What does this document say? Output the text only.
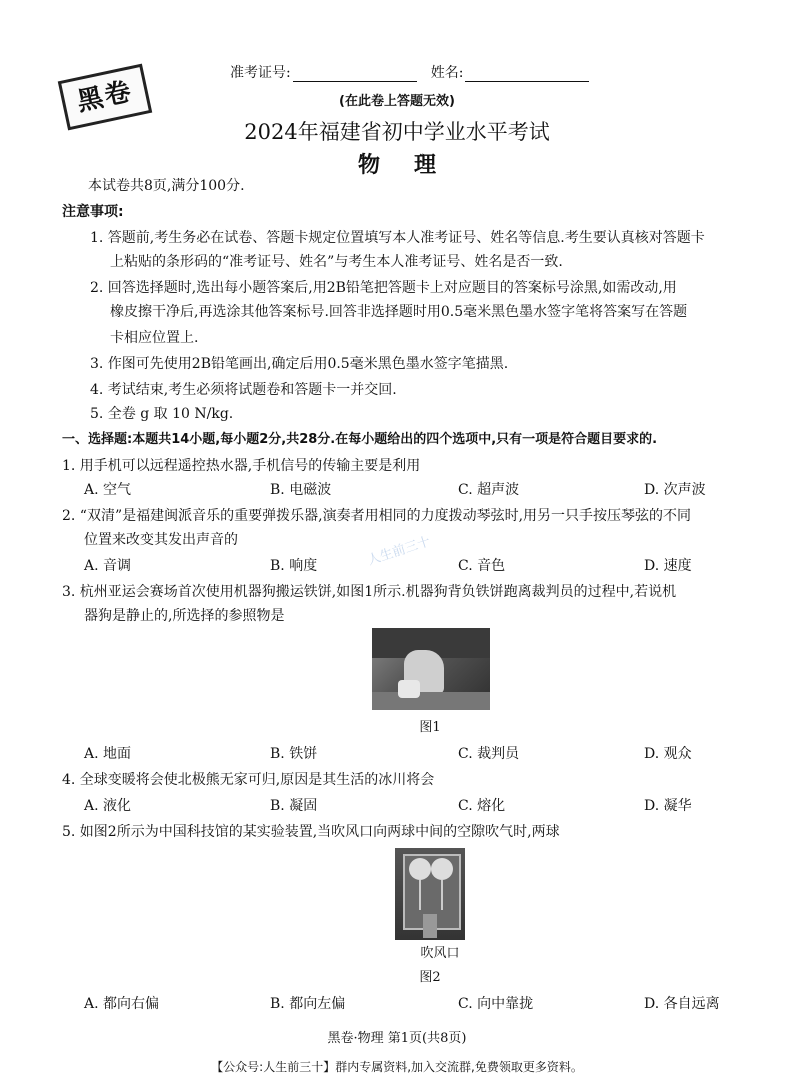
黑卷
准考证号:	姓名:
(在此卷上答题无效)
2024年福建省初中学业水平考试
物理
本试卷共8页,满分100分.
注意事项:
1. 答题前,考生务必在试卷、答题卡规定位置填写本人准考证号、姓名等信息.考生要认真核对答题卡
上粘贴的条形码的“准考证号、姓名”与考生本人准考证号、姓名是否一致.
2. 回答选择题时,选出每小题答案后,用2B铅笔把答题卡上对应题目的答案标号涂黑,如需改动,用
橡皮擦干净后,再选涂其他答案标号.回答非选择题时用0.5毫米黑色墨水签字笔将答案写在答题
卡相应位置上.
3. 作图可先使用2B铅笔画出,确定后用0.5毫米黑色墨水签字笔描黑.
4. 考试结束,考生必须将试题卷和答题卡一并交回.
5. 全卷 g 取 10 N/kg.
一、选择题:本题共14小题,每小题2分,共28分.在每小题给出的四个选项中,只有一项是符合题目要求的.
1. 用手机可以远程遥控热水器,手机信号的传输主要是利用
A. 空气	B. 电磁波	C. 超声波	D. 次声波
2. “双清”是福建闽派音乐的重要弹拨乐器,演奏者用相同的力度拨动琴弦时,用另一只手按压琴弦的不同
位置来改变其发出声音的	人生前三十
A. 音调	B. 响度	C. 音色	D. 速度
3. 杭州亚运会赛场首次使用机器狗搬运铁饼,如图1所示.机器狗背负铁饼跑离裁判员的过程中,若说机
器狗是静止的,所选择的参照物是
图1
A. 地面	B. 铁饼	C. 裁判员	D. 观众
4. 全球变暖将会使北极熊无家可归,原因是其生活的冰川将会
A. 液化	B. 凝固	C. 熔化	D. 凝华
5. 如图2所示为中国科技馆的某实验装置,当吹风口向两球中间的空隙吹气时,两球
吹风口
图2
A. 都向右偏	B. 都向左偏	C. 向中靠拢	D. 各自远离
黑卷·物理 第1页(共8页)
【公众号:人生前三十】群内专属资料,加入交流群,免费领取更多资料。
